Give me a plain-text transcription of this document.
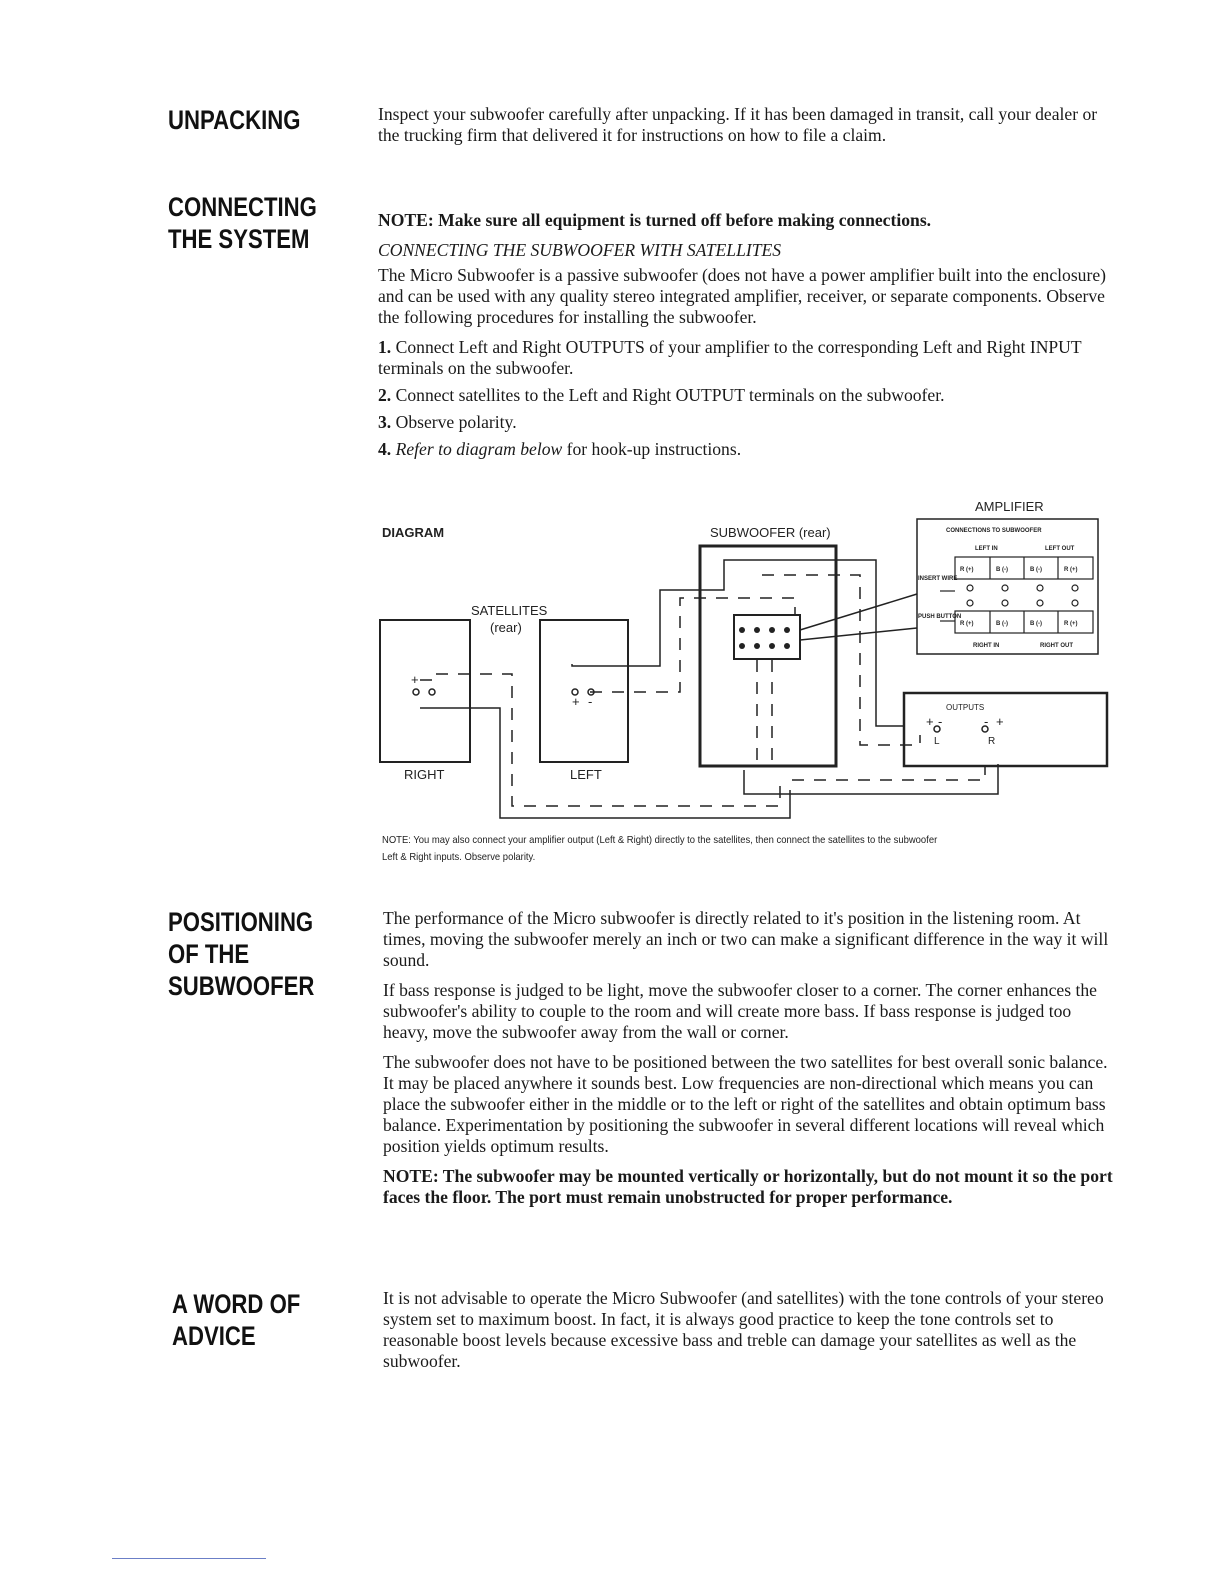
UNPACKING	Inspect your subwoofer carefully after unpacking. If it has been damaged in transit, call your dealer or the trucking firm that delivered it for instructions on how to file a claim.

CONNECTING
THE SYSTEM

NOTE: Make sure all equipment is turned off before making connections.

CONNECTING THE SUBWOOFER WITH SATELLITES

The Micro Subwoofer is a passive subwoofer (does not have a power amplifier built into the enclosure) and can be used with any quality stereo integrated amplifier, receiver, or separate components. Observe the following procedures for installing the subwoofer.

1. Connect Left and Right OUTPUTS of your amplifier to the corresponding Left and Right INPUT terminals on the subwoofer.
2. Connect satellites to the Left and Right OUTPUT terminals on the subwoofer.
3. Observe polarity.
4. Refer to diagram below for hook-up instructions.
DIAGRAM
AMPLIFIER
SUBWOOFER (rear)
SATELLITES
(rear)
RIGHT	LEFT
CONNECTIONS TO SUBWOOFER
LEFT IN	LEFT OUT
RIGHT IN	RIGHT OUT
INSERT WIRE
PUSH BUTTON
R (+)	B (-)	B (-)	R (+)
R (+)	B (-)	B (-)	R (+)
OUTPUTS
+ -	- +
L	R
+
+ -
NOTE: You may also connect your amplifier output (Left & Right) directly to the satellites, then connect the satellites to the subwoofer
Left & Right inputs. Observe polarity.
POSITIONING
OF THE
SUBWOOFER

The performance of the Micro subwoofer is directly related to it's position in the listening room. At times, moving the subwoofer merely an inch or two can make a significant difference in the way it will sound.

If bass response is judged to be light, move the subwoofer closer to a corner. The corner enhances the subwoofer's ability to couple to the room and will create more bass. If bass response is judged too heavy, move the subwoofer away from the wall or corner.

The subwoofer does not have to be positioned between the two satellites for best overall sonic balance. It may be placed anywhere it sounds best. Low frequencies are non-directional which means you can place the subwoofer either in the middle or to the left or right of the satellites and obtain optimum bass balance. Experimentation by positioning the subwoofer in several different locations will reveal which position yields optimum results.

NOTE: The subwoofer may be mounted vertically or horizontally, but do not mount it so the port faces the floor. The port must remain unobstructed for proper performance.

A WORD OF
ADVICE

It is not advisable to operate the Micro Subwoofer (and satellites) with the tone controls of your stereo system set to maximum boost. In fact, it is always good practice to keep the tone controls set to reasonable boost levels because excessive bass and treble can damage your satellites as well as the subwoofer.
